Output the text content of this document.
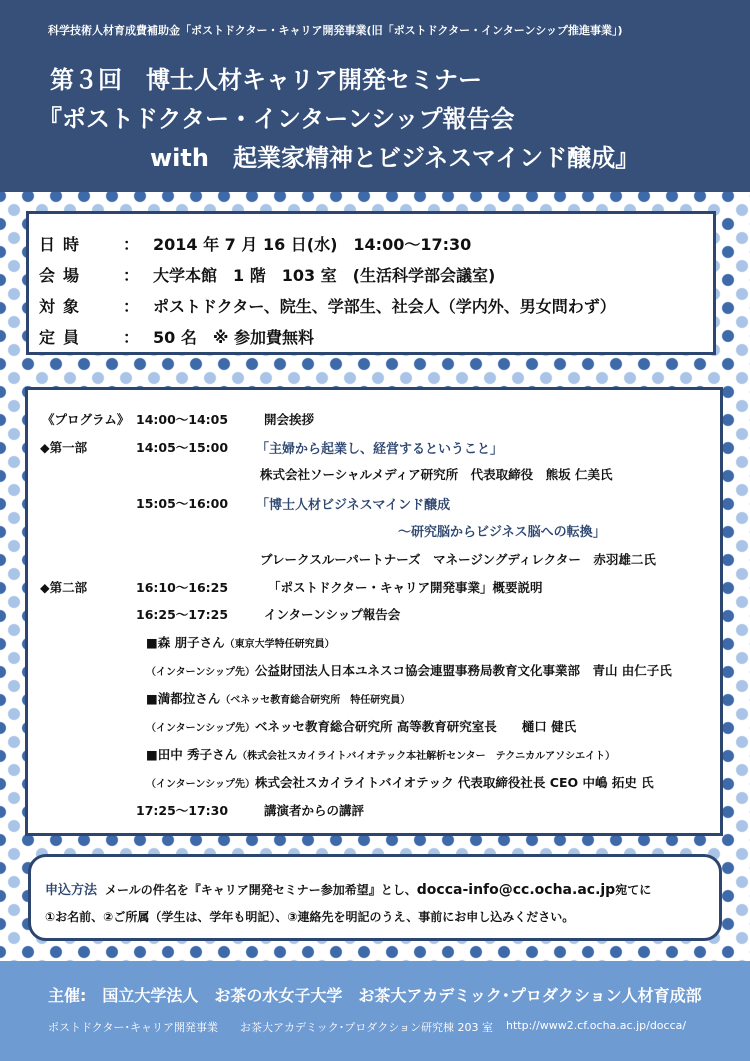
科学技術人材育成費補助金「ポストドクター・キャリア開発事業(旧「ポストドクター・インターンシップ推進事業」)
第３回　博士人材キャリア開発セミナー
『ポストドクター・インターンシップ報告会
with　起業家精神とビジネスマインド醸成』
日時	： 2014 年 7 月 16 日(水)　14:00～17:30
会場	： 大学本館　1 階　103 室　(生活科学部会議室)
対象	： ポストドクター、院生、学部生、社会人（学内外、男女問わず）
定員	： 50 名　※ 参加費無料
《プログラム》 14:00～14:05	開会挨拶
◆第一部	14:05～15:00 「主婦から起業し、経営するということ」
株式会社ソーシャルメディア研究所　代表取締役　熊坂 仁美氏
15:05～16:00 「博士人材ビジネスマインド醸成
～研究脳からビジネス脳への転換」
ブレークスルーパートナーズ　マネージングディレクター　赤羽雄二氏
◆第二部	16:10～16:25	「ポストドクター・キャリア開発事業」概要説明
16:25～17:25	インターンシップ報告会
■森 朋子さん（東京大学特任研究員）
（インターンシップ先）公益財団法人日本ユネスコ協会連盟事務局教育文化事業部　青山 由仁子氏
■満都拉さん（ベネッセ教育総合研究所　特任研究員）
（インターンシップ先）ベネッセ教育総合研究所 高等教育研究室長　　樋口 健氏
■田中 秀子さん（株式会社スカイライトバイオテック本社解析センター　テクニカルアソシエイト）
（インターンシップ先）株式会社スカイライトバイオテック 代表取締役社長 CEO 中嶋 拓史 氏
17:25～17:30	講演者からの講評
申込方法 メールの件名を『キャリア開発セミナー参加希望』とし、docca-info@cc.ocha.ac.jp宛てに
①お名前、②ご所属（学生は、学年も明記）、③連絡先を明記のうえ、事前にお申し込みください。
主催:　国立大学法人　お茶の水女子大学　お茶大アカデミック･プロダクション人材育成部
ポストドクター･キャリア開発事業　　お茶大アカデミック･プロダクション研究棟 203 室 http://www2.cf.ocha.ac.jp/docca/
